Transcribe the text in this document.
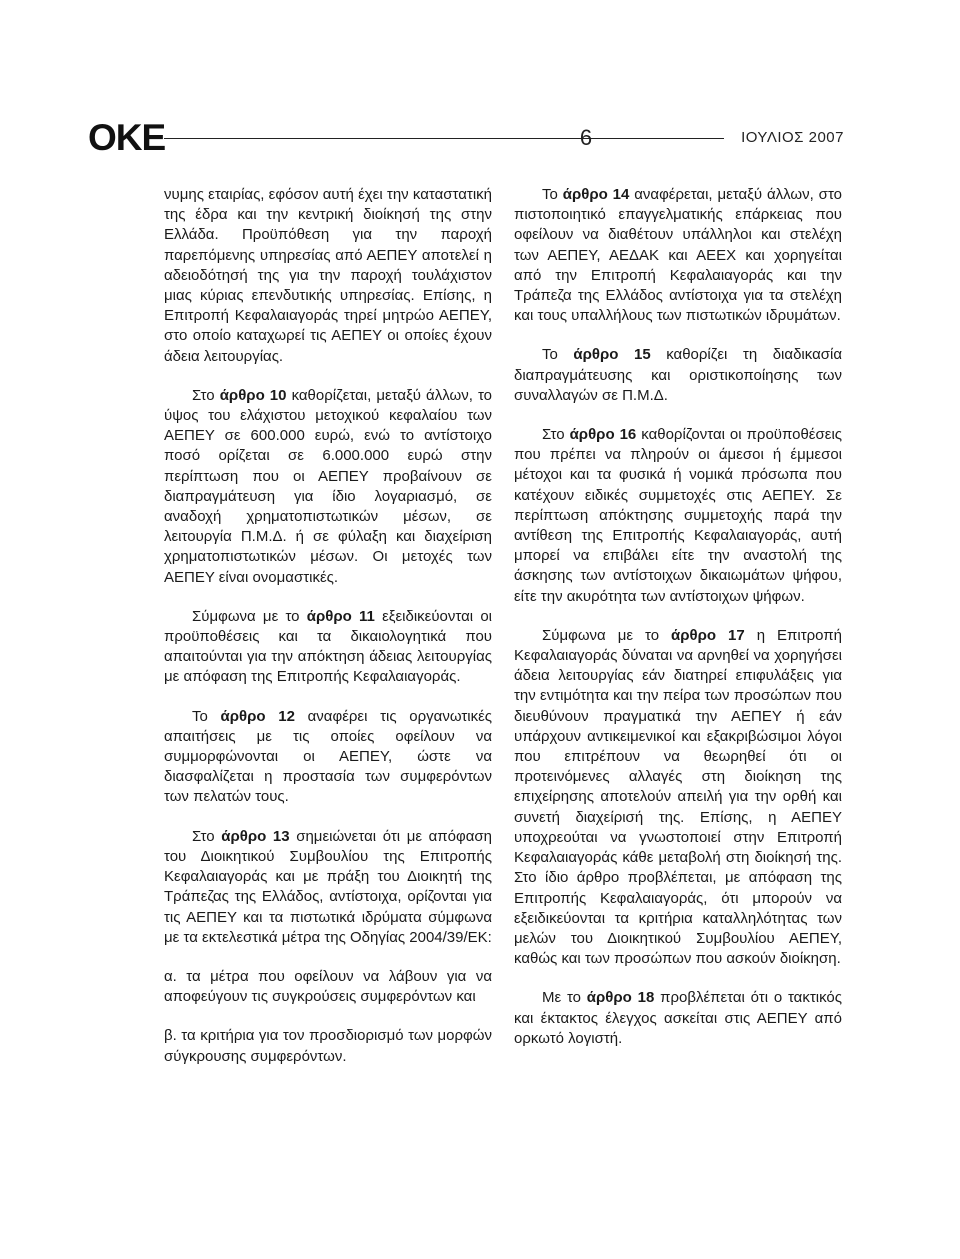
ΟΚΕ	6	ΙΟΥΛΙΟΣ 2007

νυμης εταιρίας, εφόσον αυτή έχει την καταστατική της έδρα και την κεντρική διοίκησή της στην Ελλάδα. Προϋπόθεση για την παροχή παρεπόμενης υπηρεσίας από ΑΕΠΕΥ αποτελεί η αδειοδότησή της για την παροχή τουλάχιστον μιας κύριας επενδυτικής υπηρεσίας. Επίσης, η Επιτροπή Κεφαλαιαγοράς τηρεί μητρώο ΑΕΠΕΥ, στο οποίο καταχωρεί τις ΑΕΠΕΥ οι οποίες έχουν άδεια λειτουργίας.

Στο άρθρο 10 καθορίζεται, μεταξύ άλλων, το ύψος του ελάχιστου μετοχικού κεφαλαίου των ΑΕΠΕΥ σε 600.000 ευρώ, ενώ το αντίστοιχο ποσό ορίζεται σε 6.000.000 ευρώ στην περίπτωση που οι ΑΕΠΕΥ προβαίνουν σε διαπραγμάτευση για ίδιο λογαριασμό, σε αναδοχή χρηματοπιστωτικών μέσων, σε λειτουργία Π.Μ.Δ. ή σε φύλαξη και διαχείριση χρηματοπιστωτικών μέσων. Οι μετοχές των ΑΕΠΕΥ είναι ονομαστικές.

Σύμφωνα με το άρθρο 11 εξειδικεύονται οι προϋποθέσεις και τα δικαιολογητικά που απαιτούνται για την απόκτηση άδειας λειτουργίας με απόφαση της Επιτροπής Κεφαλαιαγοράς.

Το άρθρο 12 αναφέρει τις οργανωτικές απαιτήσεις με τις οποίες οφείλουν να συμμορφώνονται οι ΑΕΠΕΥ, ώστε να διασφαλίζεται η προστασία των συμφερόντων των πελατών τους.

Στο άρθρο 13 σημειώνεται ότι με απόφαση του Διοικητικού Συμβουλίου της Επιτροπής Κεφαλαιαγοράς και με πράξη του Διοικητή της Τράπεζας της Ελλάδος, αντίστοιχα, ορίζονται για τις ΑΕΠΕΥ και τα πιστωτικά ιδρύματα σύμφωνα με τα εκτελεστικά μέτρα της Οδηγίας 2004/39/ΕΚ:

α. τα μέτρα που οφείλουν να λάβουν για να αποφεύγουν τις συγκρούσεις συμφερόντων και

β. τα κριτήρια για τον προσδιορισμό των μορφών σύγκρουσης συμφερόντων.

Το άρθρο 14 αναφέρεται, μεταξύ άλλων, στο πιστοποιητικό επαγγελματικής επάρκειας που οφείλουν να διαθέτουν υπάλληλοι και στελέχη των ΑΕΠΕΥ, ΑΕΔΑΚ και ΑΕΕΧ και χορηγείται από την Επιτροπή Κεφαλαιαγοράς και την Τράπεζα της Ελλάδος αντίστοιχα για τα στελέχη και τους υπαλλήλους των πιστωτικών ιδρυμάτων.

Το άρθρο 15 καθορίζει τη διαδικασία διαπραγμάτευσης και οριστικοποίησης των συναλλαγών σε Π.Μ.Δ.

Στο άρθρο 16 καθορίζονται οι προϋποθέσεις που πρέπει να πληρούν οι άμεσοι ή έμμεσοι μέτοχοι και τα φυσικά ή νομικά πρόσωπα που κατέχουν ειδικές συμμετοχές στις ΑΕΠΕΥ. Σε περίπτωση απόκτησης συμμετοχής παρά την αντίθεση της Επιτροπής Κεφαλαιαγοράς, αυτή μπορεί να επιβάλει είτε την αναστολή της άσκησης των αντίστοιχων δικαιωμάτων ψήφου, είτε την ακυρότητα των αντίστοιχων ψήφων.

Σύμφωνα με το άρθρο 17 η Επιτροπή Κεφαλαιαγοράς δύναται να αρνηθεί να χορηγήσει άδεια λειτουργίας εάν διατηρεί επιφυλάξεις για την εντιμότητα και την πείρα των προσώπων που διευθύνουν πραγματικά την ΑΕΠΕΥ ή εάν υπάρχουν αντικειμενικοί και εξακριβώσιμοι λόγοι που επιτρέπουν να θεωρηθεί ότι οι προτεινόμενες αλλαγές στη διοίκηση της επιχείρησης αποτελούν απειλή για την ορθή και συνετή διαχείρισή της. Επίσης, η ΑΕΠΕΥ υποχρεούται να γνωστοποιεί στην Επιτροπή Κεφαλαιαγοράς κάθε μεταβολή στη διοίκησή της. Στο ίδιο άρθρο προβλέπεται, με απόφαση της Επιτροπής Κεφαλαιαγοράς, ότι μπορούν να εξειδικεύονται τα κριτήρια καταλληλότητας των μελών του Διοικητικού Συμβουλίου ΑΕΠΕΥ, καθώς και των προσώπων που ασκούν διοίκηση.

Με το άρθρο 18 προβλέπεται ότι ο τακτικός και έκτακτος έλεγχος ασκείται στις ΑΕΠΕΥ από ορκωτό λογιστή.
